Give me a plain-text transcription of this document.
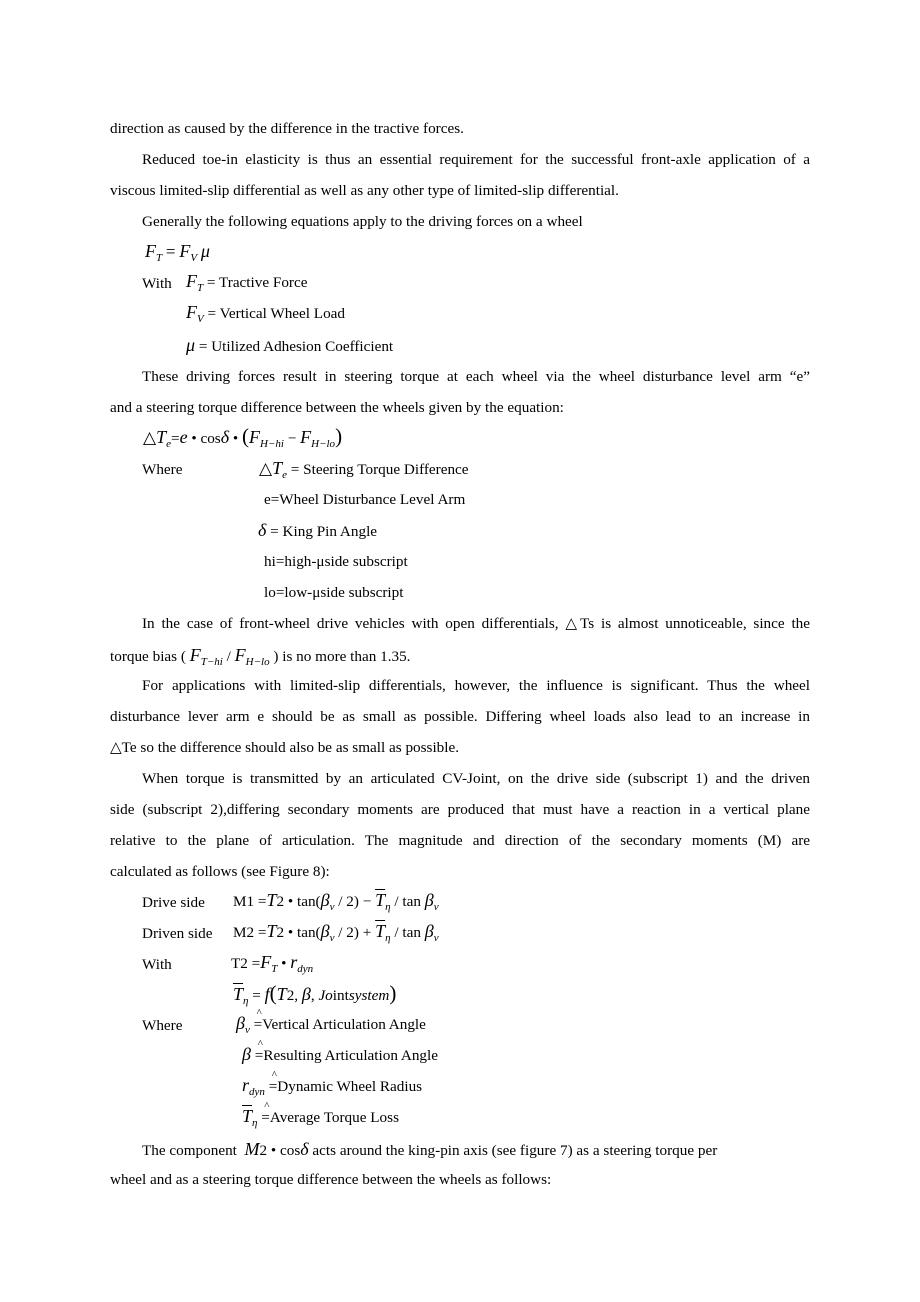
direction as caused by the difference in the tractive forces.
Reduced toe-in elasticity is thus an essential requirement for the successful front-axle application of a
viscous limited-slip differential as well as any other type of limited-slip differential.
Generally the following equations apply to the driving forces on a wheel
$F_T = F_V$ μ
With $F_T$ = Tractive Force
$F_V$ = Vertical Wheel Load
μ = Utilized Adhesion Coefficient
These driving forces result in steering torque at each wheel via the wheel disturbance level arm “e”
and a steering torque difference between the wheels given by the equation:
$\triangle T_e=e$ • cosδ • $(F_{H-hi} - F_{H-lo})$
Where	$\triangle T_e$ = Steering Torque Difference
e=Wheel Disturbance Level Arm
δ = King Pin Angle
hi=high-μside subscript
lo=low-μside subscript
In the case of front-wheel drive vehicles with open differentials, △Ts is almost unnoticeable, since the
torque bias ( $F_{T-hi} / F_{H-lo}$ ) is no more than 1.35.
For applications with limited-slip differentials, however, the influence is significant. Thus the wheel
disturbance lever arm e should be as small as possible. Differing wheel loads also lead to an increase in
△Te so the difference should also be as small as possible.
When torque is transmitted by an articulated CV-Joint, on the drive side (subscript 1) and the driven
side (subscript 2),differing secondary moments are produced that must have a reaction in a vertical plane
relative to the plane of articulation. The magnitude and direction of the secondary moments (M) are
calculated as follows (see Figure 8):
Drive side M1 =T2 • $\tan(\beta_v / 2) - \overline{T}_\eta / \tan \beta_v$
Driven side M2 =T2 • $\tan(\beta_v / 2) + \overline{T}_\eta / \tan \beta_v$
With	$T2 =F_T$ • $r_{dyn}$
$\overline{T}_\eta = f(T2$, β, Jointsystem)
Where	$\beta_v$ ^ =Vertical Articulation Angle
β ^ =Resulting Articulation Angle
$r_{dyn}$ ^ =Dynamic Wheel Radius
$\overline{T}_\eta$ ^ =Average Torque Loss
The component M2 • cosδ acts around the king-pin axis (see figure 7) as a steering torque per
wheel and as a steering torque difference between the wheels as follows:
